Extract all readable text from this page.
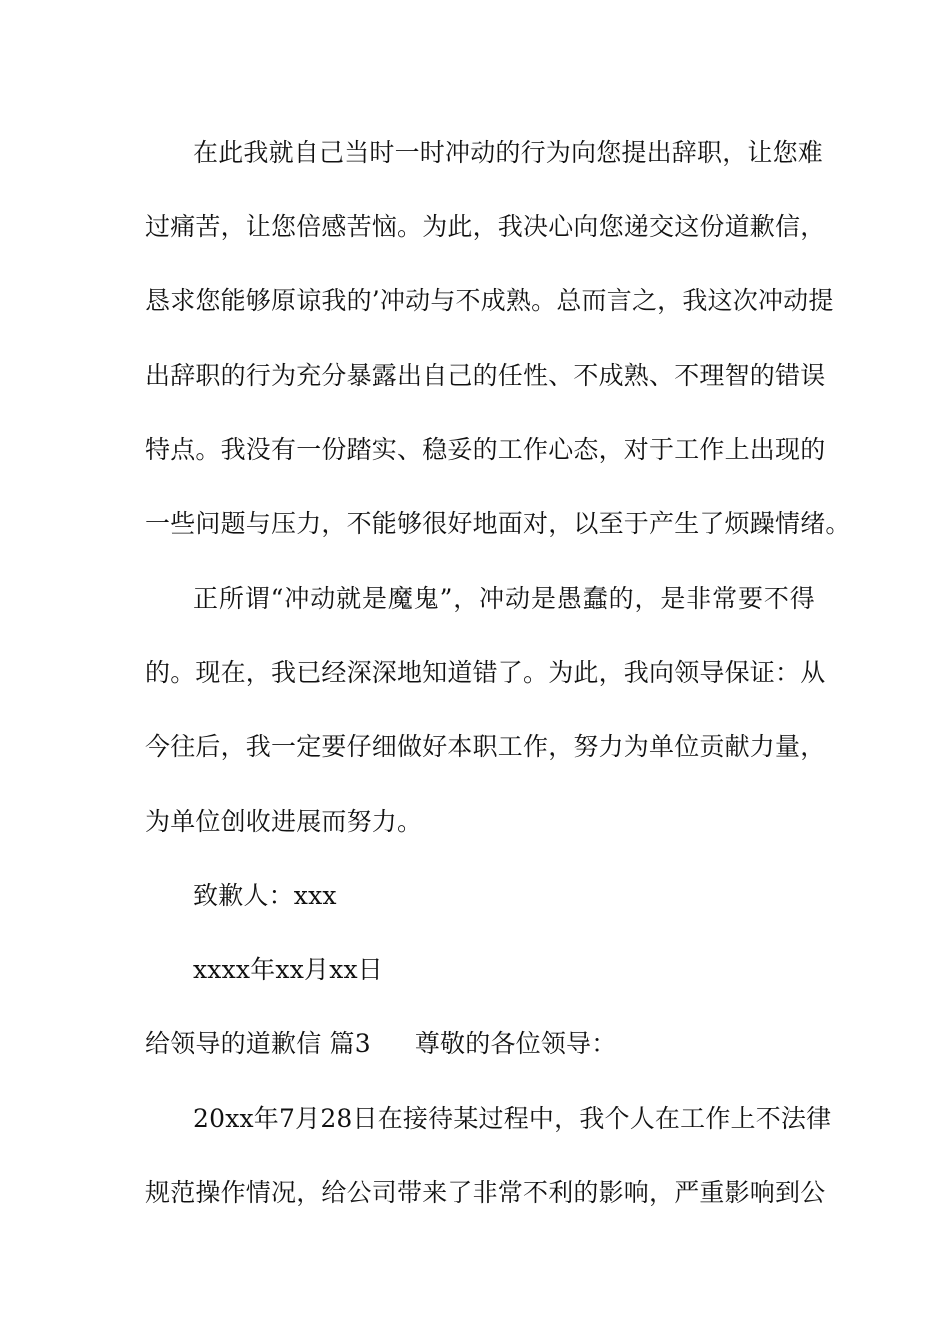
在此我就自己当时一时冲动的行为向您提出辞职，让您难
过痛苦，让您倍感苦恼。为此，我决心向您递交这份道歉信，
恳求您能够原谅我的’冲动与不成熟。总而言之，我这次冲动提
出辞职的行为充分暴露出自己的任性、不成熟、不理智的错误
特点。我没有一份踏实、稳妥的工作心态，对于工作上出现的
一些问题与压力，不能够很好地面对，以至于产生了烦躁情绪。
正所谓“冲动就是魔鬼”，冲动是愚蠢的，是非常要不得
的。现在，我已经深深地知道错了。为此，我向领导保证：从
今往后，我一定要仔细做好本职工作，努力为单位贡献力量，
为单位创收进展而努力。
致歉人：xxx
xxxx年xx月xx日
给领导的道歉信 篇3 尊敬的各位领导：
20xx年7月28日在接待某过程中，我个人在工作上不法律
规范操作情况，给公司带来了非常不利的影响，严重影响到公
